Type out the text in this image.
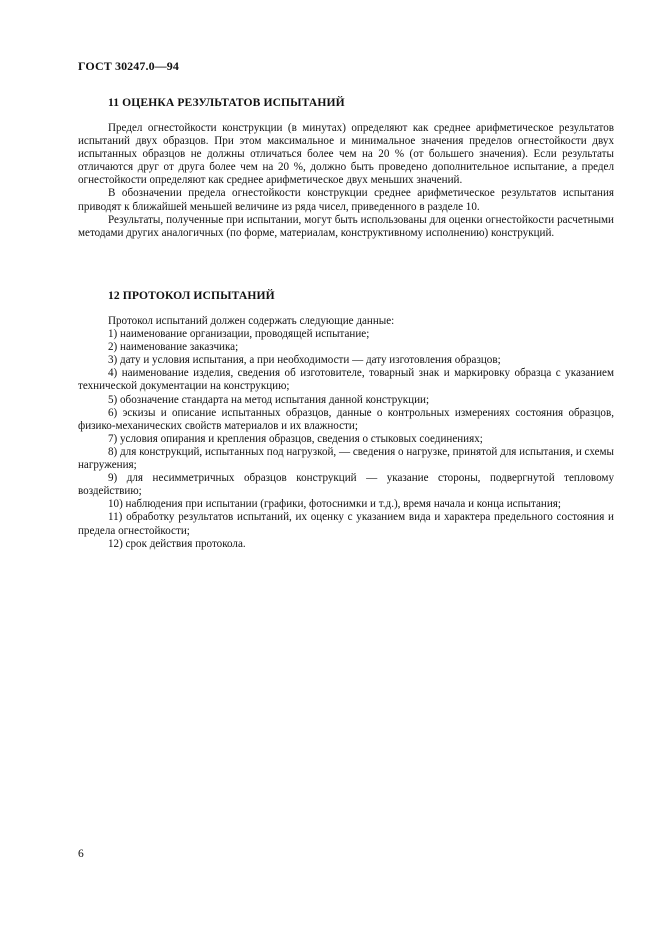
ГОСТ 30247.0—94
11 ОЦЕНКА РЕЗУЛЬТАТОВ ИСПЫТАНИЙ

Предел огнестойкости конструкции (в минутах) определяют как среднее арифметическое результатов испытаний двух образцов. При этом максимальное и минимальное значения пределов огнестойкости двух испытанных образцов не должны отличаться более чем на 20 % (от большего значения). Если результаты отличаются друг от друга более чем на 20 %, должно быть проведено дополнительное испытание, а предел огнестойкости определяют как среднее арифметическое двух меньших значений.

В обозначении предела огнестойкости конструкции среднее арифметическое результатов испытания приводят к ближайшей меньшей величине из ряда чисел, приведенного в разделе 10.

Результаты, полученные при испытании, могут быть использованы для оценки огнестойкости расчетными методами других аналогичных (по форме, материалам, конструктивному исполнению) конструкций.

12 ПРОТОКОЛ ИСПЫТАНИЙ

Протокол испытаний должен содержать следующие данные:

1) наименование организации, проводящей испытание;

2) наименование заказчика;

3) дату и условия испытания, а при необходимости — дату изготовления образцов;

4) наименование изделия, сведения об изготовителе, товарный знак и маркировку образца с указанием технической документации на конструкцию;

5) обозначение стандарта на метод испытания данной конструкции;

6) эскизы и описание испытанных образцов, данные о контрольных измерениях состояния образцов, физико-механических свойств материалов и их влажности;

7) условия опирания и крепления образцов, сведения о стыковых соединениях;

8) для конструкций, испытанных под нагрузкой, — сведения о нагрузке, принятой для испытания, и схемы нагружения;

9) для несимметричных образцов конструкций — указание стороны, подвергнутой тепловому воздействию;

10) наблюдения при испытании (графики, фотоснимки и т.д.), время начала и конца испытания;

11) обработку результатов испытаний, их оценку с указанием вида и характера предельного состояния и предела огнестойкости;

12) срок действия протокола.

6
